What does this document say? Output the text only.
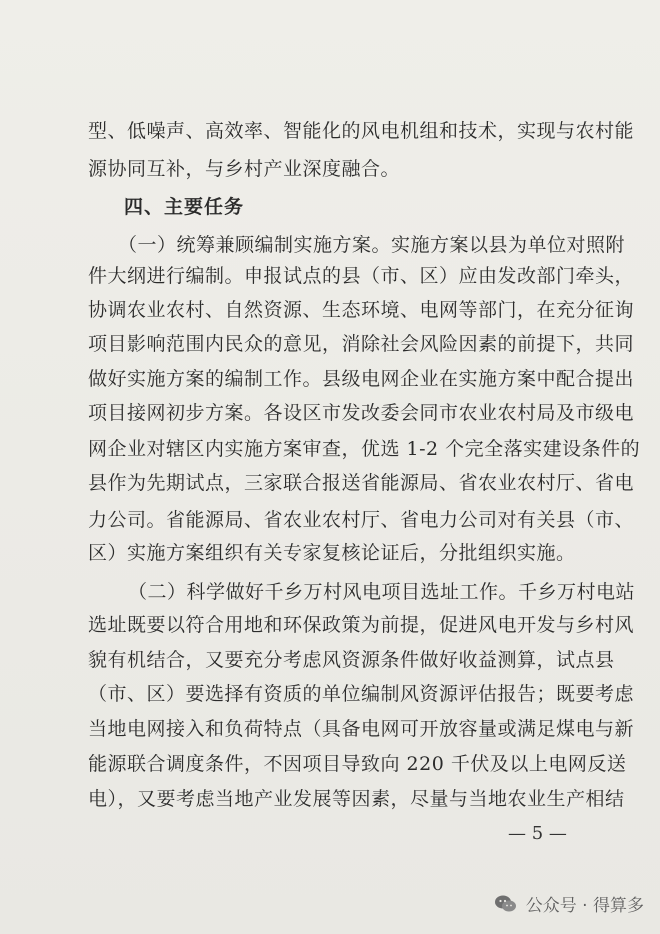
型、低噪声、高效率、智能化的风电机组和技术，实现与农村能
源协同互补，与乡村产业深度融合。
四、主要任务
（一）统筹兼顾编制实施方案。实施方案以县为单位对照附
件大纲进行编制。申报试点的县（市、区）应由发改部门牵头，
协调农业农村、自然资源、生态环境、电网等部门，在充分征询
项目影响范围内民众的意见，消除社会风险因素的前提下，共同
做好实施方案的编制工作。县级电网企业在实施方案中配合提出
项目接网初步方案。各设区市发改委会同市农业农村局及市级电
网企业对辖区内实施方案审查，优选 1-2 个完全落实建设条件的
县作为先期试点，三家联合报送省能源局、省农业农村厅、省电
力公司。省能源局、省农业农村厅、省电力公司对有关县（市、
区）实施方案组织有关专家复核论证后，分批组织实施。
（二）科学做好千乡万村风电项目选址工作。千乡万村电站
选址既要以符合用地和环保政策为前提，促进风电开发与乡村风
貌有机结合，又要充分考虑风资源条件做好收益测算，试点县
（市、区）要选择有资质的单位编制风资源评估报告；既要考虑
当地电网接入和负荷特点（具备电网可开放容量或满足煤电与新
能源联合调度条件，不因项目导致向 220 千伏及以上电网反送
电），又要考虑当地产业发展等因素，尽量与当地农业生产相结
— 5 —
公众号 · 得算多
